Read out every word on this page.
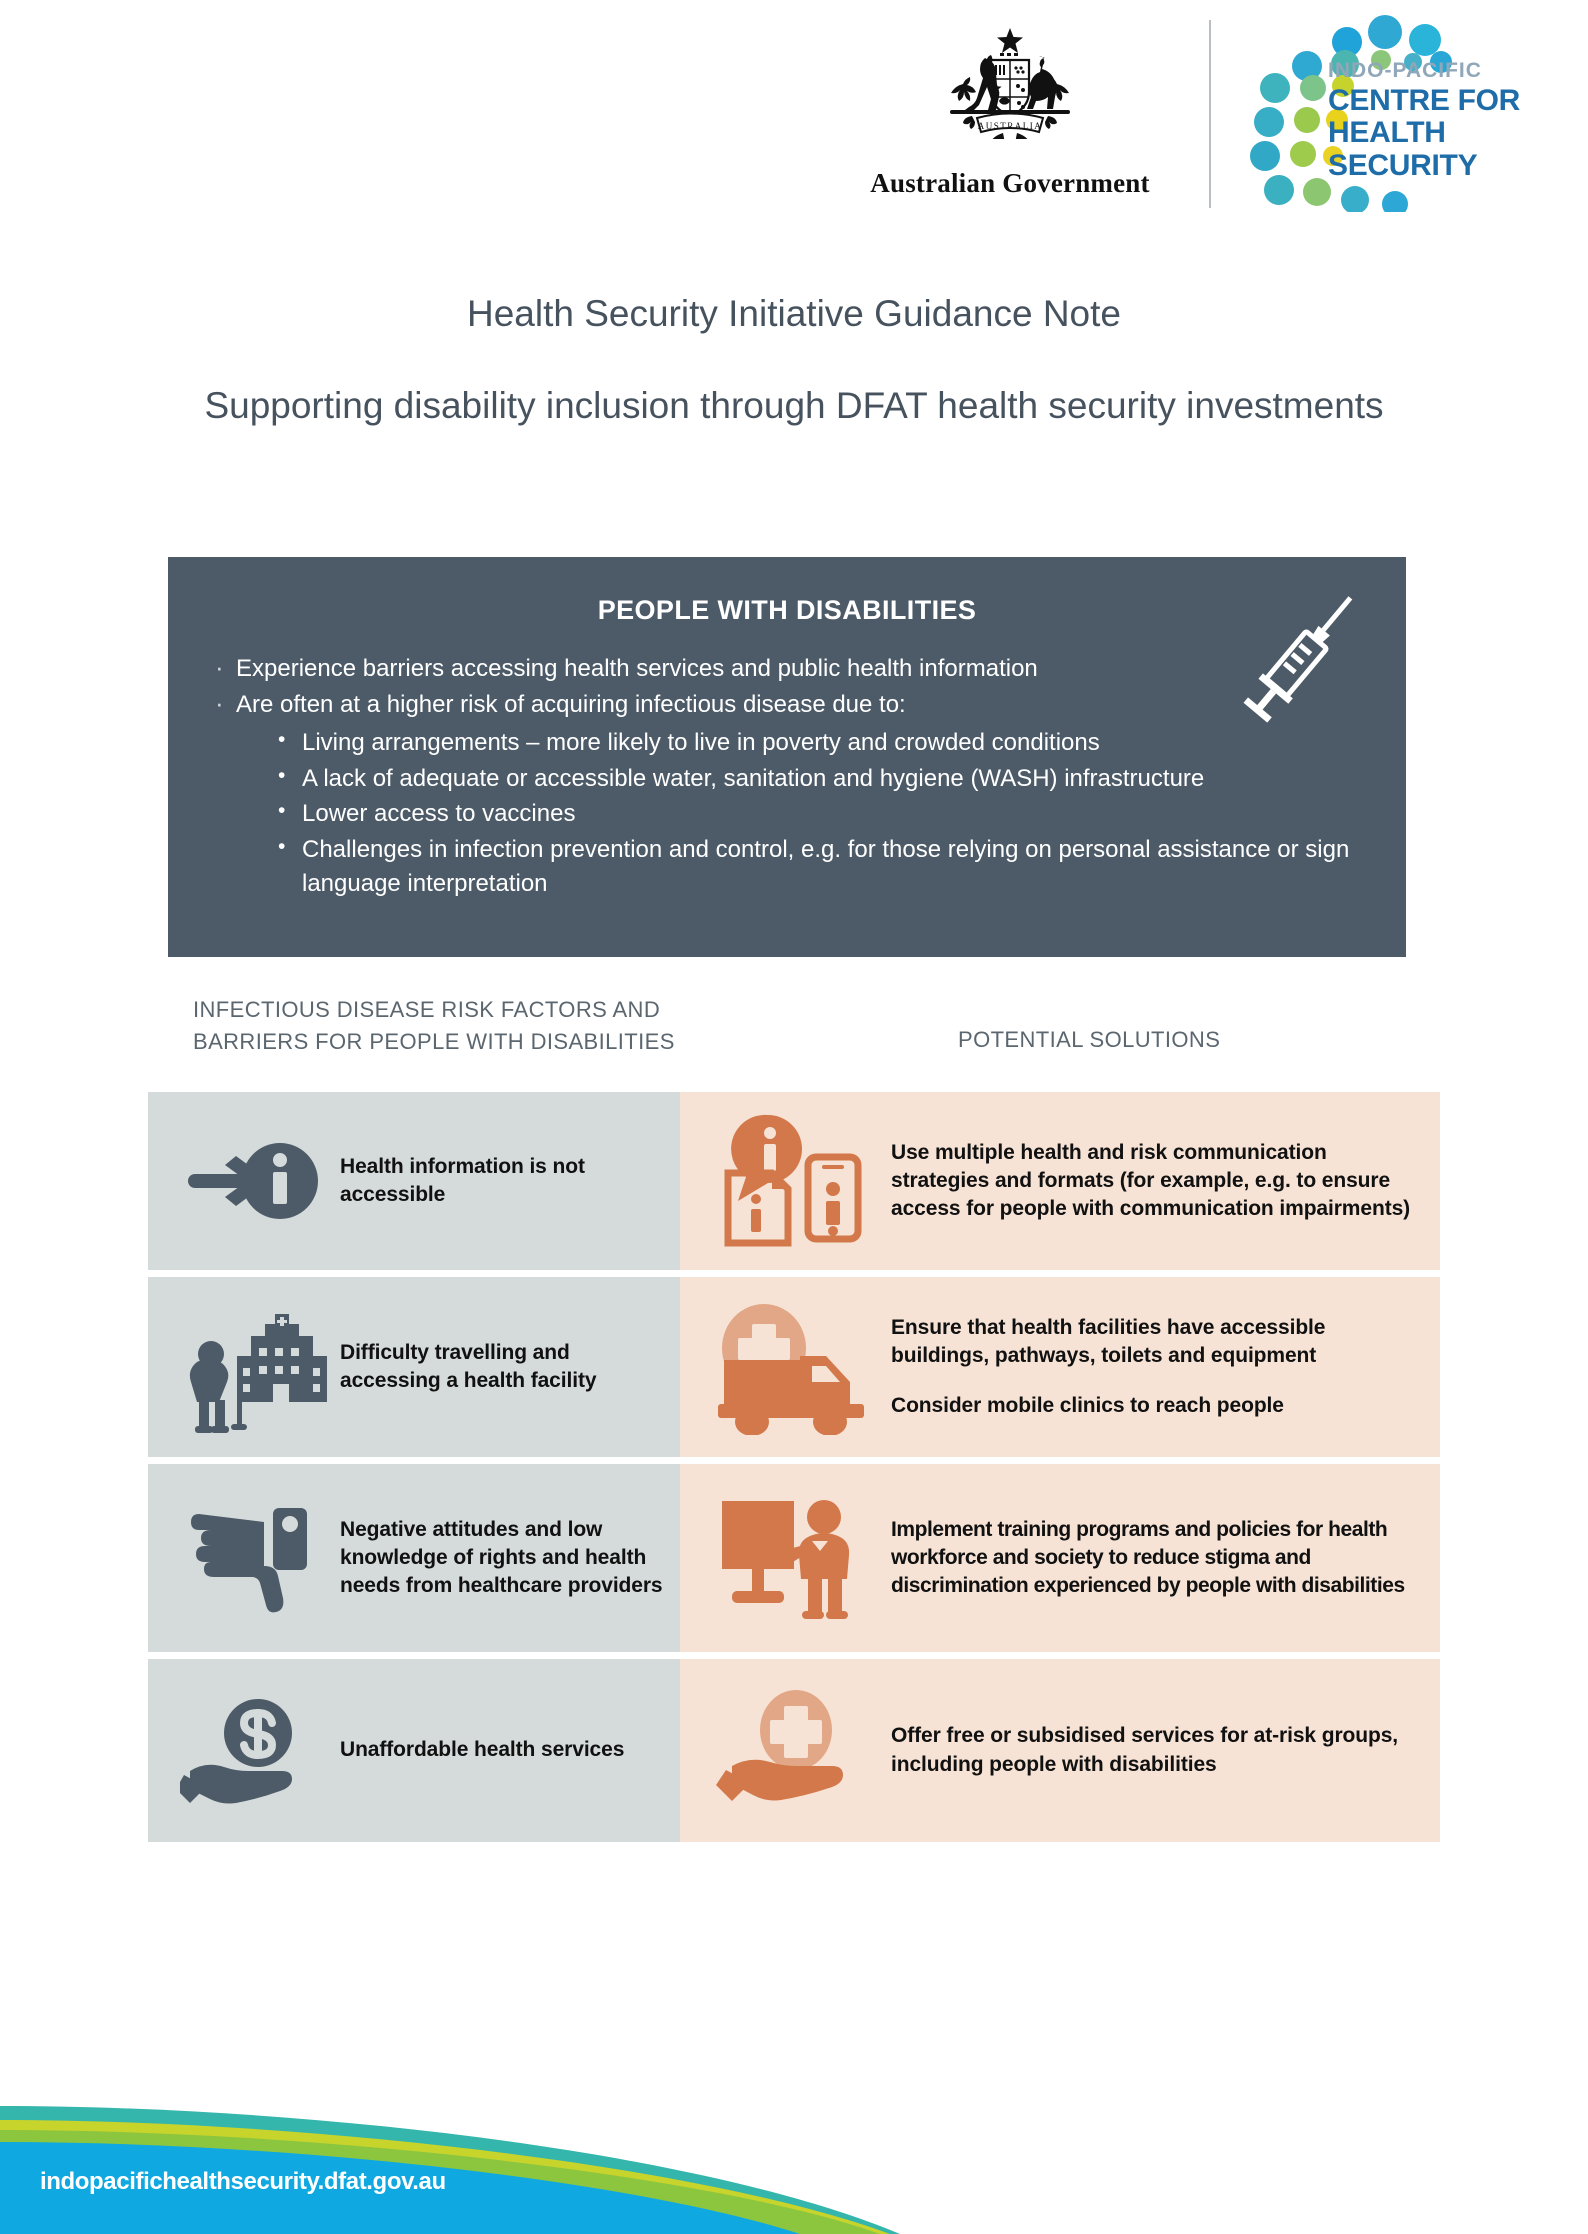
AUSTRALIA
Australian Government
INDO-PACIFIC
CENTRE FOR
HEALTH SECURITY
Health Security Initiative Guidance Note
Supporting disability inclusion through DFAT health security investments
PEOPLE WITH DISABILITIES
· Experience barriers accessing health services and public health information
· Are often at a higher risk of acquiring infectious disease due to:
• Living arrangements – more likely to live in poverty and crowded conditions
• A lack of adequate or accessible water, sanitation and hygiene (WASH) infrastructure
• Lower access to vaccines
• Challenges in infection prevention and control, e.g. for those relying on personal assistance or sign language interpretation
INFECTIOUS DISEASE RISK FACTORS AND BARRIERS FOR PEOPLE WITH DISABILITIES	POTENTIAL SOLUTIONS
Health information is not accessible
Use multiple health and risk communication strategies and formats (for example, e.g. to ensure access for people with communication impairments)
Difficulty travelling and accessing a health facility
Ensure that health facilities have accessible buildings, pathways, toilets and equipment
Consider mobile clinics to reach people
Negative attitudes and low knowledge of rights and health needs from healthcare providers
Implement training programs and policies for health workforce and society to reduce stigma and discrimination experienced by people with disabilities
Unaffordable health services
Offer free or subsidised services for at-risk groups, including people with disabilities
indopacifichealthsecurity.dfat.gov.au
